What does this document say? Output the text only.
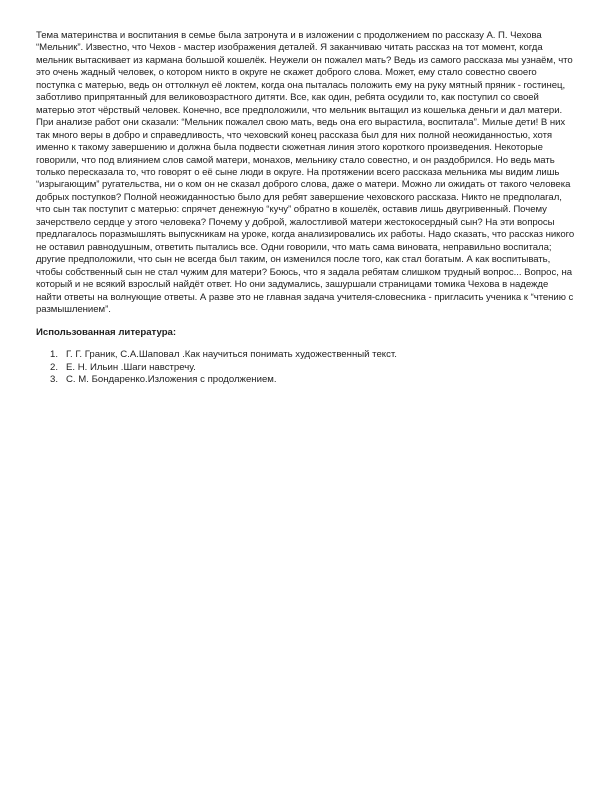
Тема материнства и воспитания в семье была затронута и в изложении с продолжением по рассказу А. П. Чехова “Мельник”. Известно, что Чехов - мастер изображения деталей. Я заканчиваю читать рассказ на тот момент, когда мельник вытаскивает из кармана большой кошелёк. Неужели он пожалел мать? Ведь из самого рассказа мы узнаём, что это очень жадный человек, о котором никто в округе не скажет доброго слова. Может, ему стало совестно своего поступка с матерью, ведь он оттолкнул её локтем, когда она пыталась положить ему на руку мятный пряник - гостинец, заботливо припрятанный для великовозрастного дитяти. Все, как один, ребята осудили то, как поступил со своей матерью этот чёрствый человек. Конечно, все предположили, что мельник вытащил из кошелька деньги и дал матери. При анализе работ они сказали: “Мельник пожалел свою мать, ведь она его вырастила, воспитала”. Милые дети! В них так много веры в добро и справедливость, что чеховский конец рассказа был для них полной неожиданностью, хотя именно к такому завершению и должна была подвести сюжетная линия этого короткого произведения. Некоторые говорили, что под влиянием слов самой матери, монахов, мельнику стало совестно, и он раздобрился. Но ведь мать только пересказала то, что говорят о её сыне люди в округе. На протяжении всего рассказа мельника мы видим лишь “изрыгающим” ругательства, ни о ком он не сказал доброго слова, даже о матери. Можно ли ожидать от такого человека добрых поступков? Полной неожиданностью было для ребят завершение чеховского рассказа. Никто не предполагал, что сын так поступит с матерью: спрячет денежную “кучу” обратно в кошелёк, оставив лишь двугривенный. Почему зачерствело сердце у этого человека? Почему у доброй, жалостливой матери жестокосердный сын? На эти вопросы предлагалось поразмышлять выпускникам на уроке, когда анализировались их работы. Надо сказать, что рассказ никого не оставил равнодушным, ответить пытались все. Одни говорили, что мать сама виновата, неправильно воспитала; другие предположили, что сын не всегда был таким, он изменился после того, как стал богатым. А как воспитывать, чтобы собственный сын не стал чужим для матери? Боюсь, что я задала ребятам слишком трудный вопрос... Вопрос, на который и не всякий взрослый найдёт ответ. Но они задумались, зашуршали страницами томика Чехова в надежде найти ответы на волнующие ответы. А разве это не главная задача учителя-словесника - пригласить ученика к “чтению с размышлением”.

Использованная литература:
1. Г. Г. Граник, С.А.Шаповал .Как научиться понимать художественный текст.
2. Е. Н. Ильин .Шаги навстречу.
3. С. М. Бондаренко.Изложения с продолжением.
